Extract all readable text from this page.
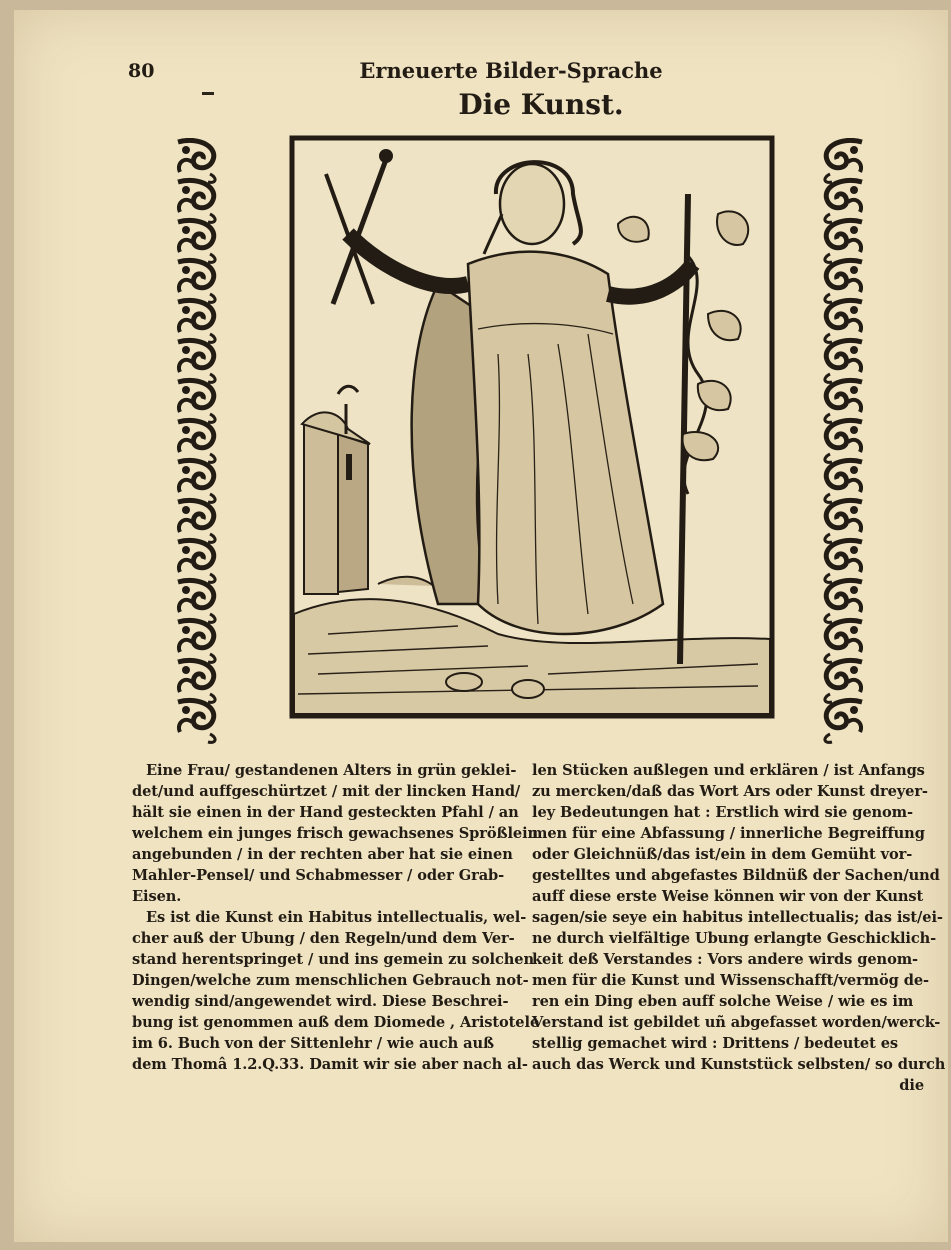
80	Erneuerte Bilder-Sprache
Die Kunst.
Eine Frau/ gestandenen Alters in grün geklei-
det/und auffgeschürtzet / mit der lincken Hand/
hält sie einen in der Hand gesteckten Pfahl / an
welchem ein junges frisch gewachsenes Sprößlein
angebunden / in der rechten aber hat sie einen
Mahler-Pensel/ und Schabmesser / oder Grab-
Eisen.
Es ist die Kunst ein Habitus intellectualis, wel-
cher auß der Ubung / den Regeln/und dem Ver-
stand herentspringet / und ins gemein zu solchen
Dingen/welche zum menschlichen Gebrauch not-
wendig sind/angewendet wird. Diese Beschrei-
bung ist genommen auß dem Diomede , Aristotele
im 6. Buch von der Sittenlehr / wie auch auß
dem Thomâ 1.2.Q.33. Damit wir sie aber nach al-
len Stücken außlegen und erklären / ist Anfangs
zu mercken/daß das Wort Ars oder Kunst dreyer-
ley Bedeutungen hat : Erstlich wird sie genom-
men für eine Abfassung / innerliche Begreiffung
oder Gleichnüß/das ist/ein in dem Gemüht vor-
gestelltes und abgefastes Bildnüß der Sachen/und
auff diese erste Weise können wir von der Kunst
sagen/sie seye ein habitus intellectualis; das ist/ei-
ne durch vielfältige Ubung erlangte Geschicklich-
keit deß Verstandes : Vors andere wirds genom-
men für die Kunst und Wissenschafft/vermög de-
ren ein Ding eben auff solche Weise / wie es im
Verstand ist gebildet uñ abgefasset worden/werck-
stellig gemachet wird : Drittens / bedeutet es
auch das Werck und Kunststück selbsten/ so durch
die
